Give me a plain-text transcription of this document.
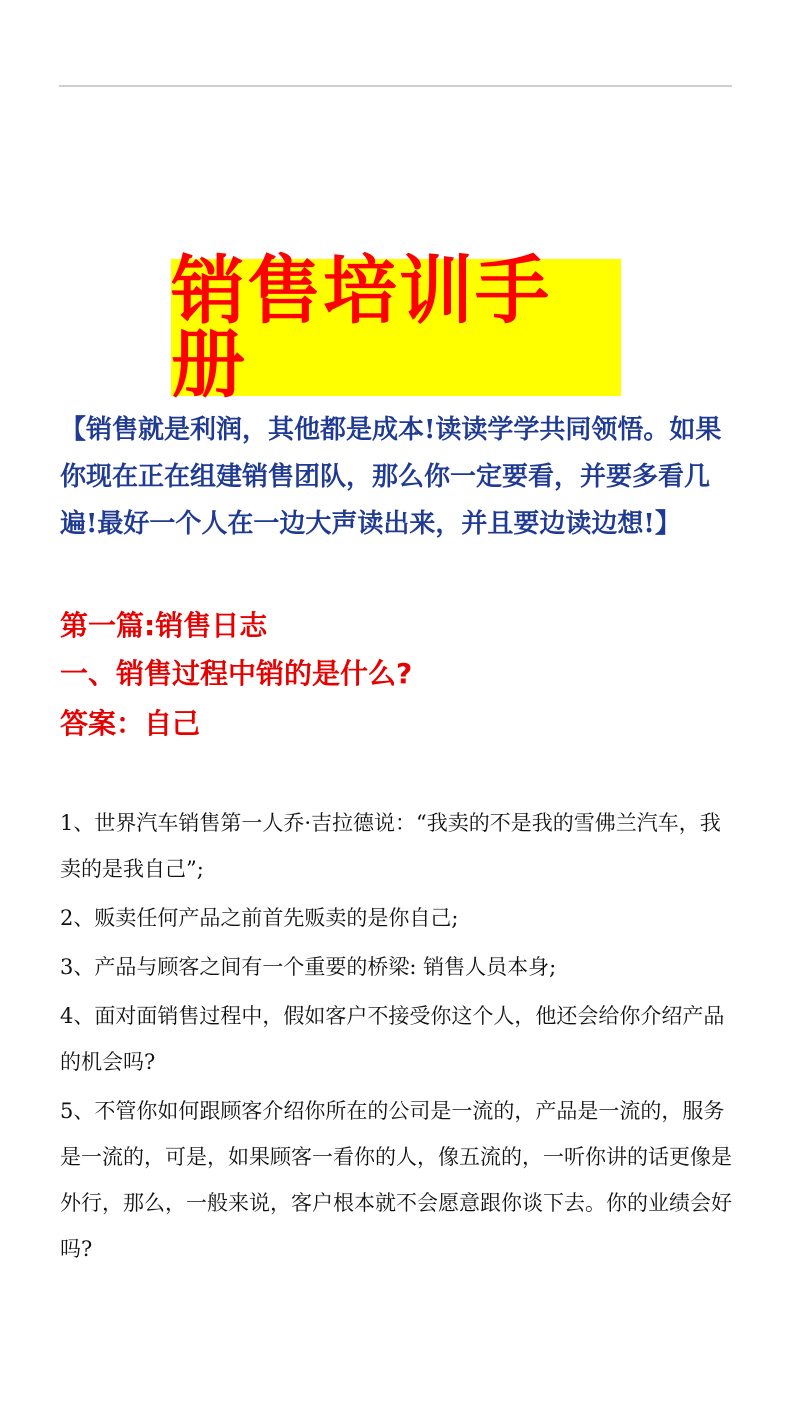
销售培训手册
【销售就是利润，其他都是成本!读读学学共同领悟。如果你现在正在组建销售团队，那么你一定要看，并要多看几遍!最好一个人在一边大声读出来，并且要边读边想!】
第一篇:销售日志
一、销售过程中销的是什么?
答案：自己
1、世界汽车销售第一人乔·吉拉德说：“我卖的不是我的雪佛兰汽车，我卖的是我自己”;
2、贩卖任何产品之前首先贩卖的是你自己;
3、产品与顾客之间有一个重要的桥梁: 销售人员本身;
4、面对面销售过程中，假如客户不接受你这个人，他还会给你介绍产品的机会吗?
5、不管你如何跟顾客介绍你所在的公司是一流的，产品是一流的，服务是一流的，可是，如果顾客一看你的人，像五流的，一听你讲的话更像是外行，那么，一般来说，客户根本就不会愿意跟你谈下去。你的业绩会好吗?
